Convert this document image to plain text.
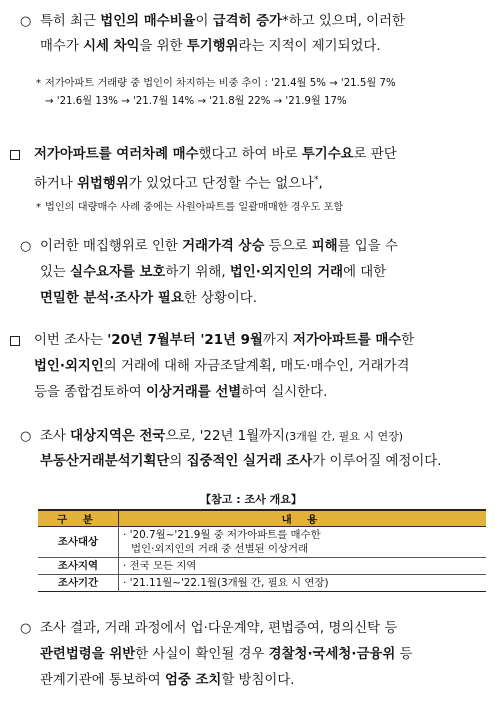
○ 특히 최근 법인의 매수비율이 급격히 증가*하고 있으며, 이러한
매수가 시세 차익을 위한 투기행위라는 지적이 제기되었다.
* 저가아파트 거래량 중 법인이 차지하는 비중 추이 : '21.4월 5% → '21.5월 7%
→ '21.6월 13% → '21.7월 14% → '21.8월 22% → '21.9월 17%
저가아파트를 여러차례 매수했다고 하여 바로 투기수요로 판단
하거나 위법행위가 있었다고 단정할 수는 없으나*,
* 법인의 대량매수 사례 중에는 사원아파트를 일괄매매한 경우도 포함
○ 이러한 매집행위로 인한 거래가격 상승 등으로 피해를 입을 수
있는 실수요자를 보호하기 위해, 법인·외지인의 거래에 대한
면밀한 분석·조사가 필요한 상황이다.
이번 조사는 '20년 7월부터 '21년 9월까지 저가아파트를 매수한
법인·외지인의 거래에 대해 자금조달계획, 매도·매수인, 거래가격
등을 종합검토하여 이상거래를 선별하여 실시한다.
○ 조사 대상지역은 전국으로, '22년 1월까지(3개월 간, 필요 시 연장)
부동산거래분석기획단의 집중적인 실거래 조사가 이루어질 예정이다.
【참고 : 조사 개요】
구 분	내 용
조사대상	· '20.7월~'21.9월 중 저가아파트를 매수한
법인·외지인의 거래 중 선별된 이상거래

조사지역	· 전국 모든 지역
조사기간	· '21.11월~'22.1월(3개월 간, 필요 시 연장)
○ 조사 결과, 거래 과정에서 업·다운계약, 편법증여, 명의신탁 등
관련법령을 위반한 사실이 확인될 경우 경찰청·국세청·금융위 등
관계기관에 통보하여 엄중 조치할 방침이다.
